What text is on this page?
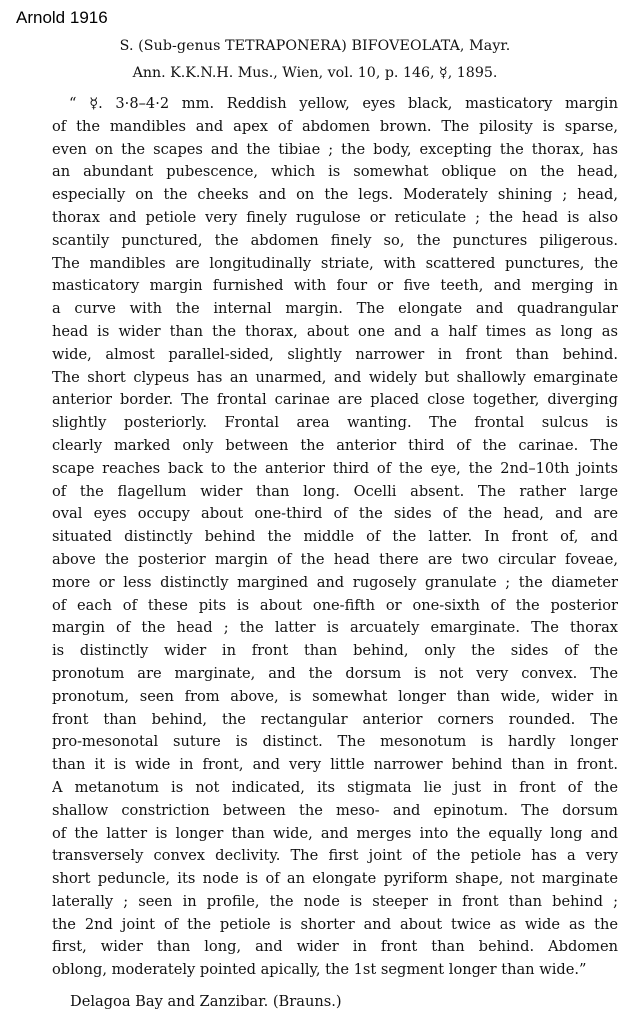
Arnold 1916
S. (Sub-genus TETRAPONERA) BIFOVEOLATA, Mayr.
Ann. K.K.N.H. Mus., Wien, vol. 10, p. 146, ☿, 1895.
“ ☿. 3·8–4·2 mm. Reddish yellow, eyes black, masticatory margin
of the mandibles and apex of abdomen brown. The pilosity is sparse,
even on the scapes and the tibiae ; the body, excepting the thorax, has
an abundant pubescence, which is somewhat oblique on the head,
especially on the cheeks and on the legs. Moderately shining ; head,
thorax and petiole very finely rugulose or reticulate ; the head is also
scantily punctured, the abdomen finely so, the punctures piligerous.
The mandibles are longitudinally striate, with scattered punctures, the
masticatory margin furnished with four or five teeth, and merging in
a curve with the internal margin. The elongate and quadrangular
head is wider than the thorax, about one and a half times as long as
wide, almost parallel-sided, slightly narrower in front than behind.
The short clypeus has an unarmed, and widely but shallowly emarginate
anterior border. The frontal carinae are placed close together, diverging
slightly posteriorly. Frontal area wanting. The frontal sulcus is
clearly marked only between the anterior third of the carinae. The
scape reaches back to the anterior third of the eye, the 2nd–10th joints
of the flagellum wider than long. Ocelli absent. The rather large
oval eyes occupy about one-third of the sides of the head, and are
situated distinctly behind the middle of the latter. In front of, and
above the posterior margin of the head there are two circular foveae,
more or less distinctly margined and rugosely granulate ; the diameter
of each of these pits is about one-fifth or one-sixth of the posterior
margin of the head ; the latter is arcuately emarginate. The thorax
is distinctly wider in front than behind, only the sides of the
pronotum are marginate, and the dorsum is not very convex. The
pronotum, seen from above, is somewhat longer than wide, wider in
front than behind, the rectangular anterior corners rounded. The
pro-mesonotal suture is distinct. The mesonotum is hardly longer
than it is wide in front, and very little narrower behind than in front.
A metanotum is not indicated, its stigmata lie just in front of the
shallow constriction between the meso- and epinotum. The dorsum
of the latter is longer than wide, and merges into the equally long and
transversely convex declivity. The first joint of the petiole has a very
short peduncle, its node is of an elongate pyriform shape, not marginate
laterally ; seen in profile, the node is steeper in front than behind ;
the 2nd joint of the petiole is shorter and about twice as wide as the
first, wider than long, and wider in front than behind. Abdomen
oblong, moderately pointed apically, the 1st segment longer than wide.”
Delagoa Bay and Zanzibar. (Brauns.)
